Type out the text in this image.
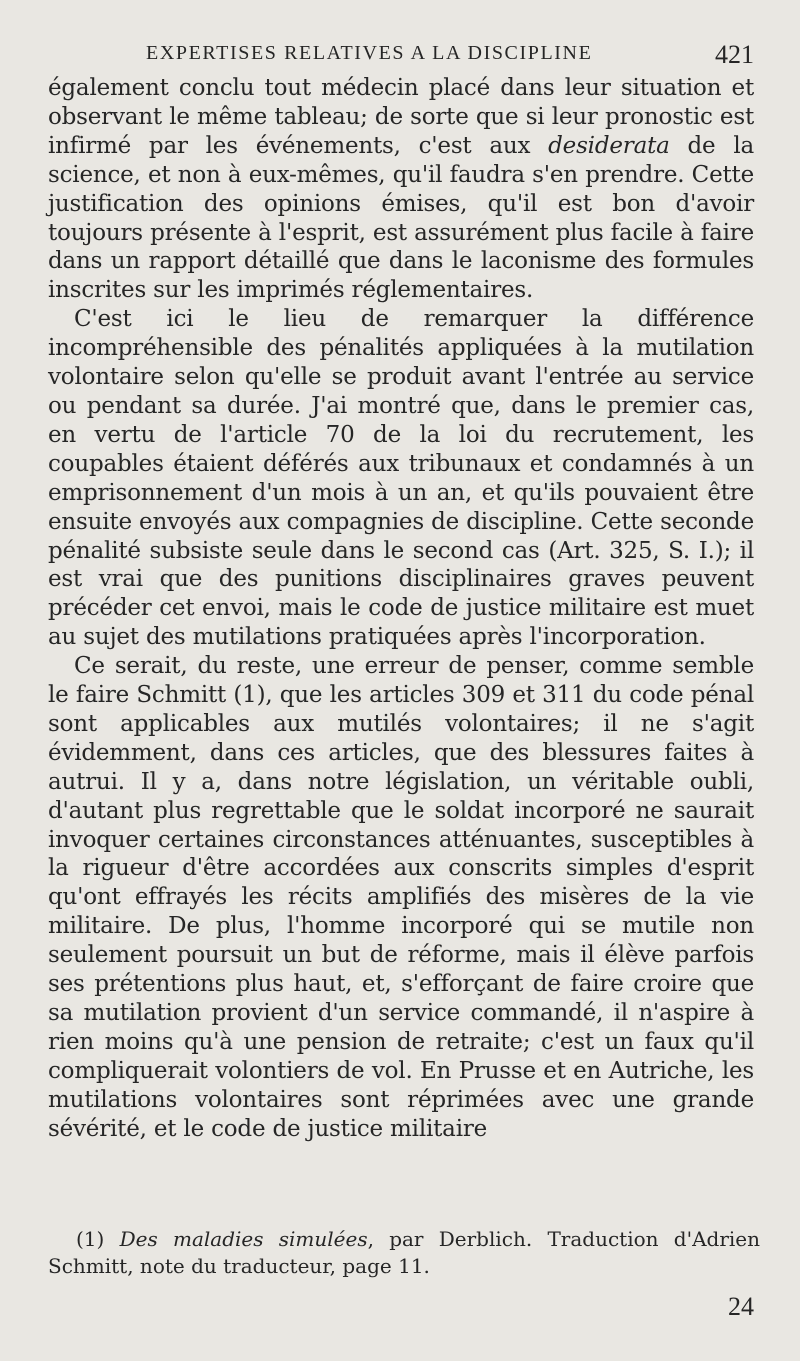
EXPERTISES RELATIVES A LA DISCIPLINE	421

également conclu tout médecin placé dans leur situation et observant le même tableau; de sorte que si leur pronostic est infirmé par les événements, c'est aux desiderata de la science, et non à eux-mêmes, qu'il faudra s'en prendre. Cette justification des opinions émises, qu'il est bon d'avoir toujours présente à l'esprit, est assurément plus facile à faire dans un rapport détaillé que dans le laconisme des formules inscrites sur les imprimés réglementaires.

C'est ici le lieu de remarquer la différence incompréhensible des pénalités appliquées à la mutilation volontaire selon qu'elle se produit avant l'entrée au service ou pendant sa durée. J'ai montré que, dans le premier cas, en vertu de l'article 70 de la loi du recrutement, les coupables étaient déférés aux tribunaux et condamnés à un emprisonnement d'un mois à un an, et qu'ils pouvaient être ensuite envoyés aux compagnies de discipline. Cette seconde pénalité subsiste seule dans le second cas (Art. 325, S. I.); il est vrai que des punitions disciplinaires graves peuvent précéder cet envoi, mais le code de justice militaire est muet au sujet des mutilations pratiquées après l'incorporation.

Ce serait, du reste, une erreur de penser, comme semble le faire Schmitt (1), que les articles 309 et 311 du code pénal sont applicables aux mutilés volontaires; il ne s'agit évidemment, dans ces articles, que des blessures faites à autrui. Il y a, dans notre législation, un véritable oubli, d'autant plus regrettable que le soldat incorporé ne saurait invoquer certaines circonstances atténuantes, susceptibles à la rigueur d'être accordées aux conscrits simples d'esprit qu'ont effrayés les récits amplifiés des misères de la vie militaire. De plus, l'homme incorporé qui se mutile non seulement poursuit un but de réforme, mais il élève parfois ses prétentions plus haut, et, s'efforçant de faire croire que sa mutilation provient d'un service commandé, il n'aspire à rien moins qu'à une pension de retraite; c'est un faux qu'il compliquerait volontiers de vol. En Prusse et en Autriche, les mutilations volontaires sont réprimées avec une grande sévérité, et le code de justice militaire

(1) Des maladies simulées, par Derblich. Traduction d'Adrien Schmitt, note du traducteur, page 11.

24
